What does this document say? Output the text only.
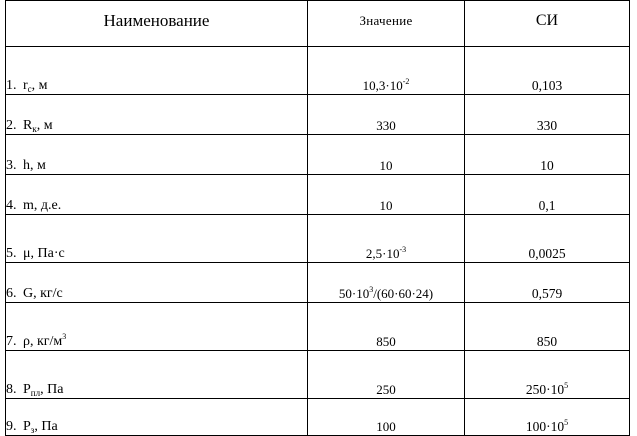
Наименование	Значение	СИ
1. $r_c$, м	$10,3\cdot 10^{-2}$	0,103
2. $R_к$, м	330	330
3. h, м	10	10
4. m, д.е.	10	0,1
5. μ, Па·с	$2,5\cdot 10^{-3}$	0,0025
6. G, кг/с	$50\cdot 10^3/(60\cdot 60\cdot 24)$	0,579
7. ρ, $кг/м^3$	850	850
8. $P_{пл}$, Па	250	$250\cdot 10^5$
9. $P_з$, Па	100	$100\cdot 10^5$
